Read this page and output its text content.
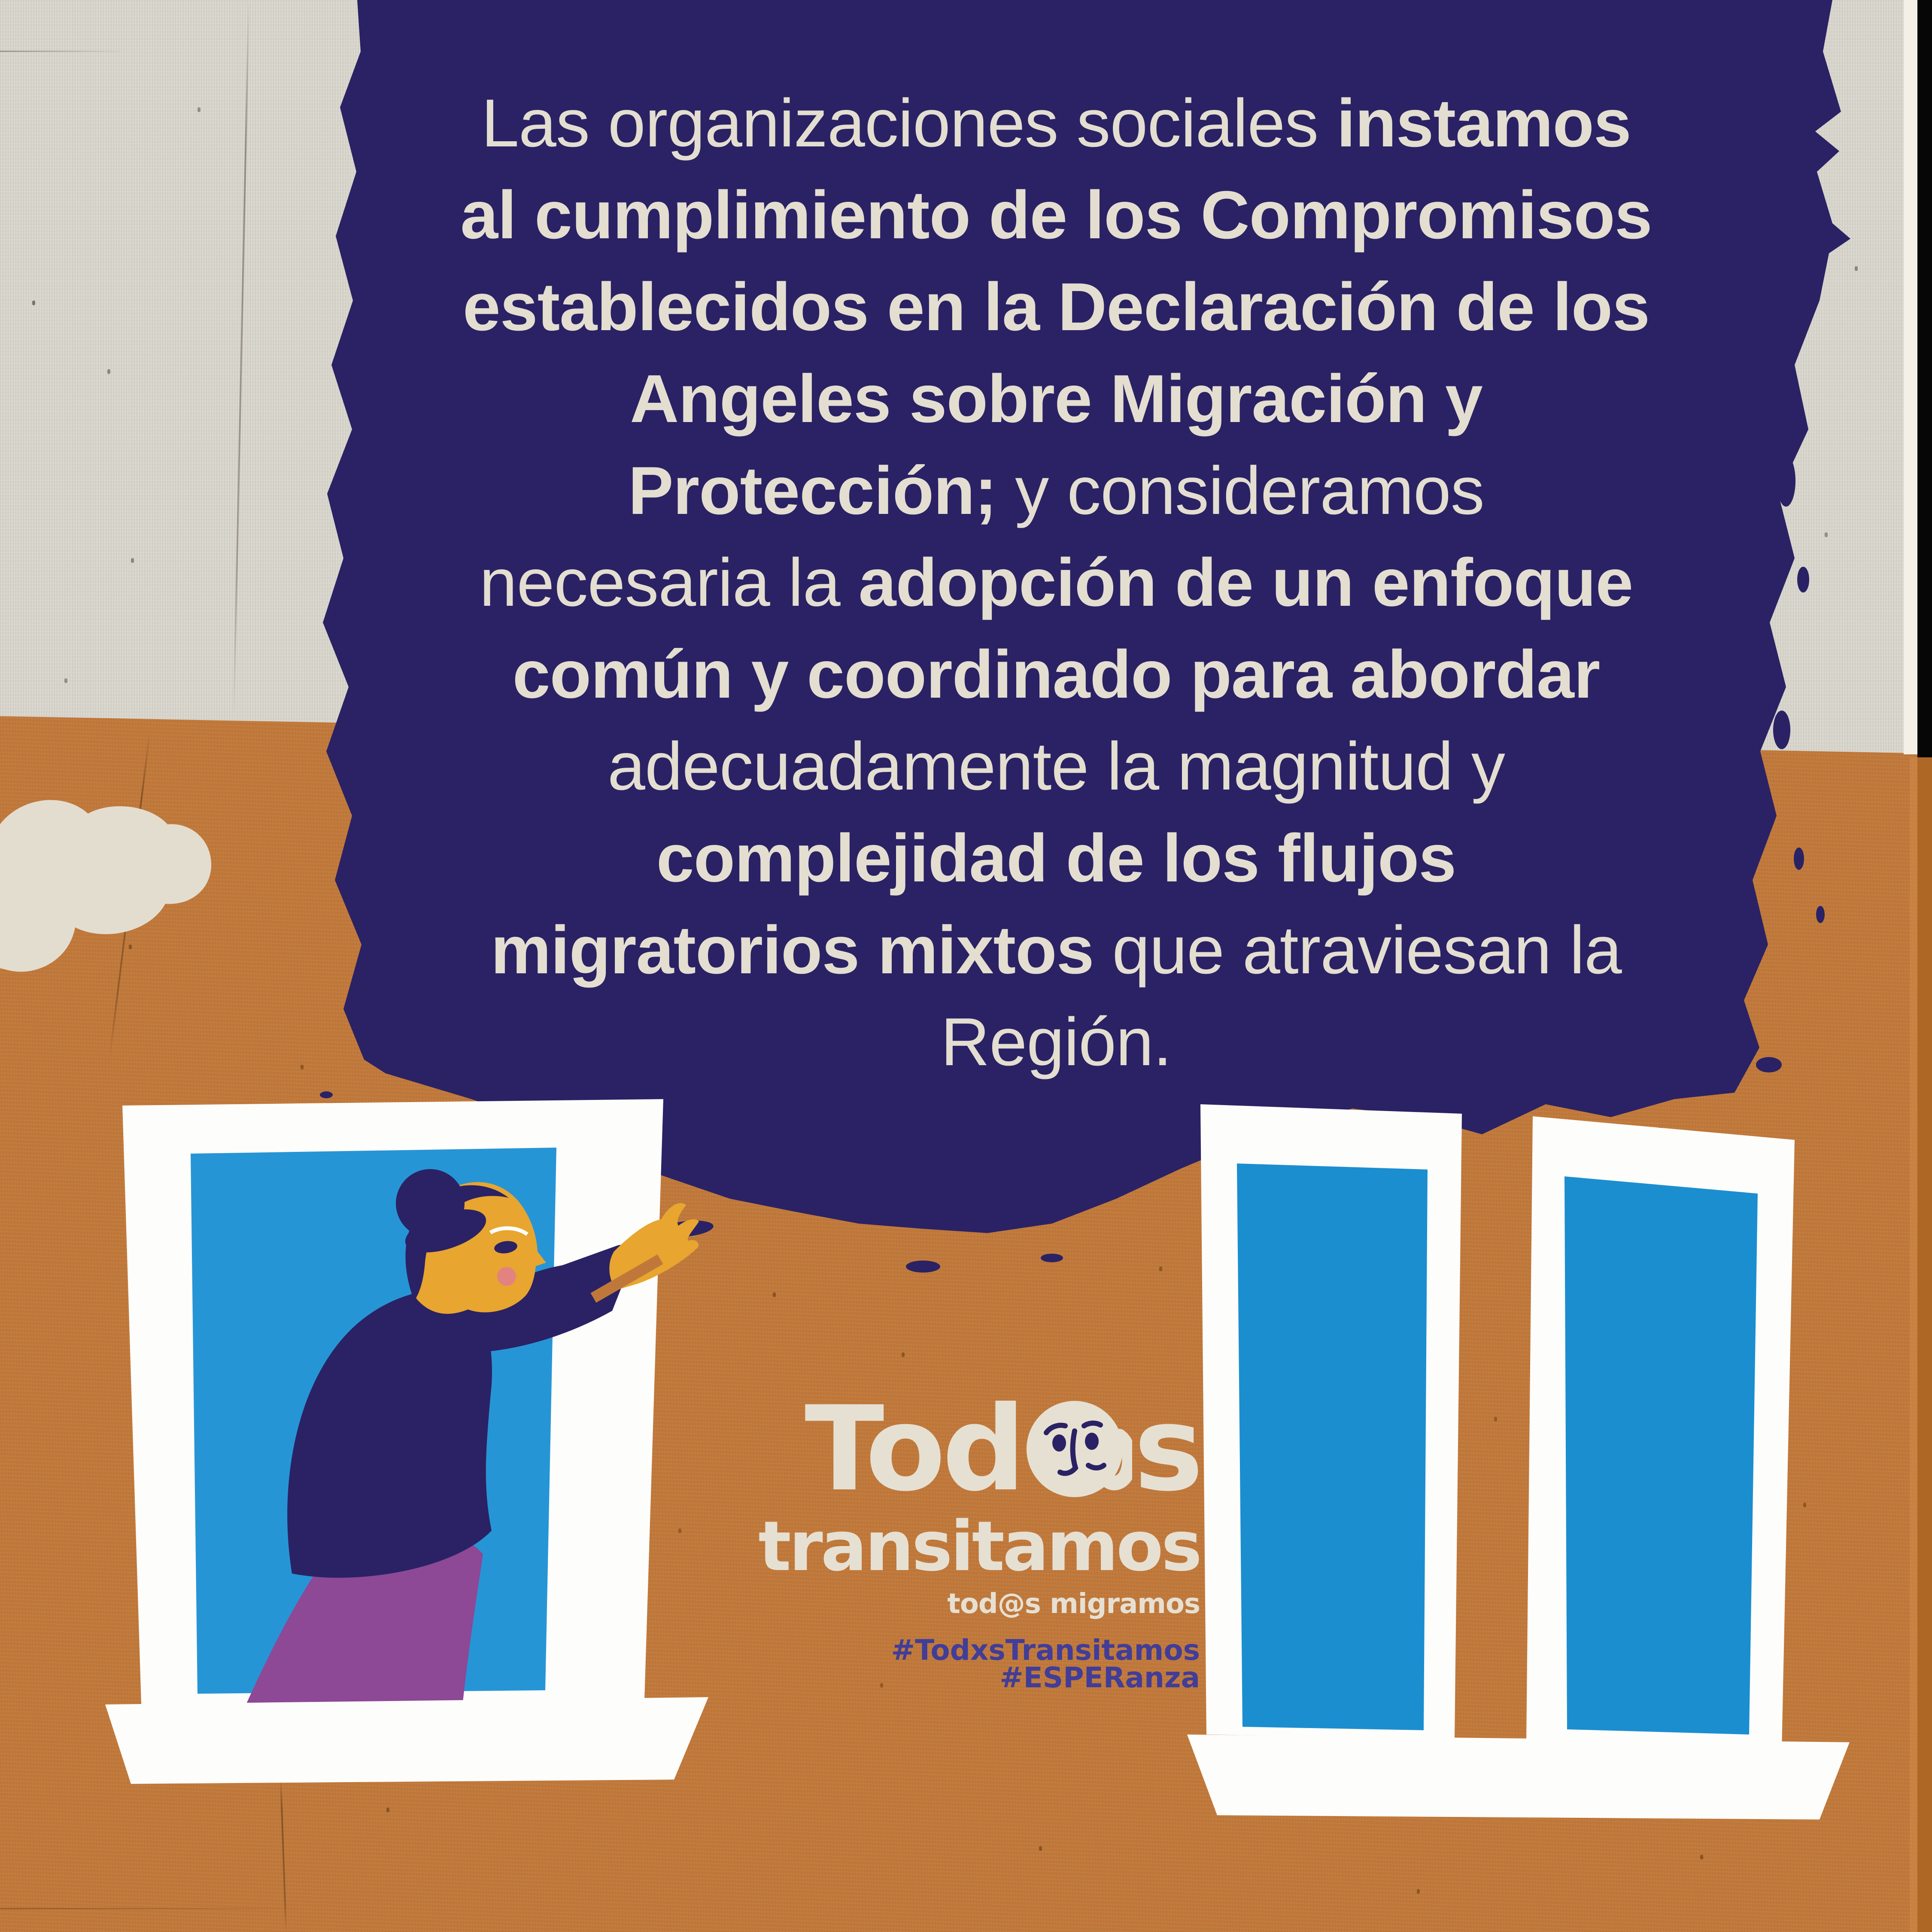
Las organizaciones sociales instamos
al cumplimiento de los Compromisos
establecidos en la Declaración de los
Angeles sobre Migración y
Protección; y consideramos
necesaria la adopción de un enfoque
común y coordinado para abordar
adecuadamente la magnitud y
complejidad de los flujos
migratorios mixtos que atraviesan la
Región.
Tod s
transitamos
tod@s migramos
#TodxsTransitamos
#ESPERanza
